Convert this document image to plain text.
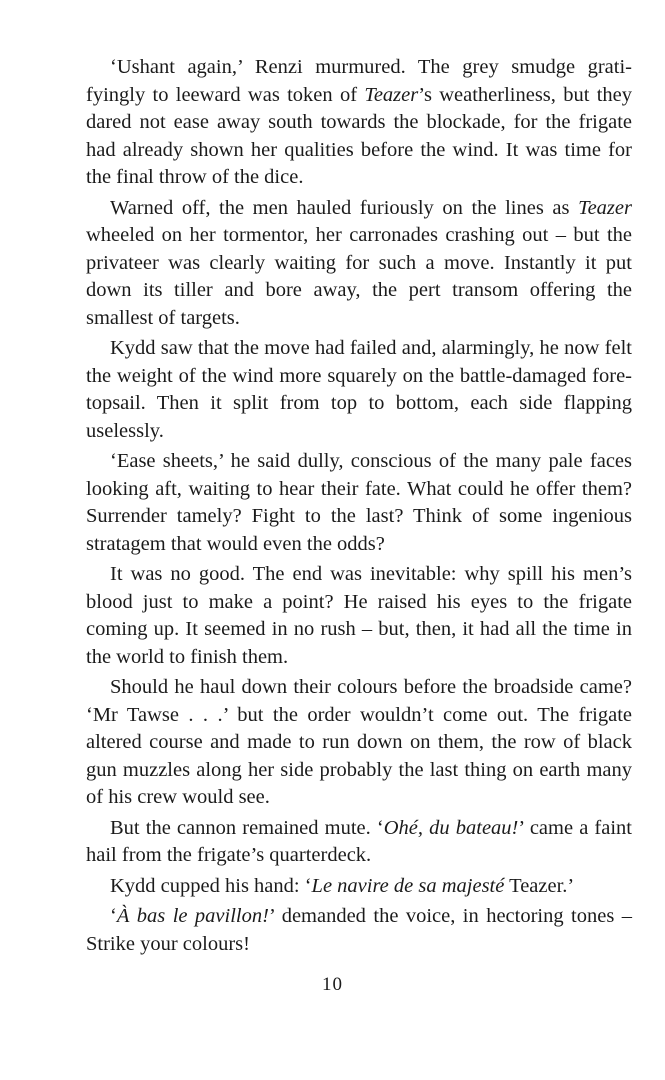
‘Ushant again,’ Renzi murmured. The grey smudge gratifyingly to leeward was token of Teazer’s weatherliness, but they dared not ease away south towards the blockade, for the frigate had already shown her qualities before the wind. It was time for the final throw of the dice.

Warned off, the men hauled furiously on the lines as Teazer wheeled on her tormentor, her carronades crashing out – but the privateer was clearly waiting for such a move. Instantly it put down its tiller and bore away, the pert transom offering the smallest of targets.

Kydd saw that the move had failed and, alarmingly, he now felt the weight of the wind more squarely on the battle-damaged fore-topsail. Then it split from top to bottom, each side flapping uselessly.

‘Ease sheets,’ he said dully, conscious of the many pale faces looking aft, waiting to hear their fate. What could he offer them? Surrender tamely? Fight to the last? Think of some ingenious stratagem that would even the odds?

It was no good. The end was inevitable: why spill his men’s blood just to make a point? He raised his eyes to the frigate coming up. It seemed in no rush – but, then, it had all the time in the world to finish them.

Should he haul down their colours before the broadside came? ‘Mr Tawse . . .’ but the order wouldn’t come out. The frigate altered course and made to run down on them, the row of black gun muzzles along her side probably the last thing on earth many of his crew would see.

But the cannon remained mute. ‘Ohé, du bateau!’ came a faint hail from the frigate’s quarterdeck.

Kydd cupped his hand: ‘Le navire de sa majesté Teazer.’

‘À bas le pavillon!’ demanded the voice, in hectoring tones – Strike your colours!

10
